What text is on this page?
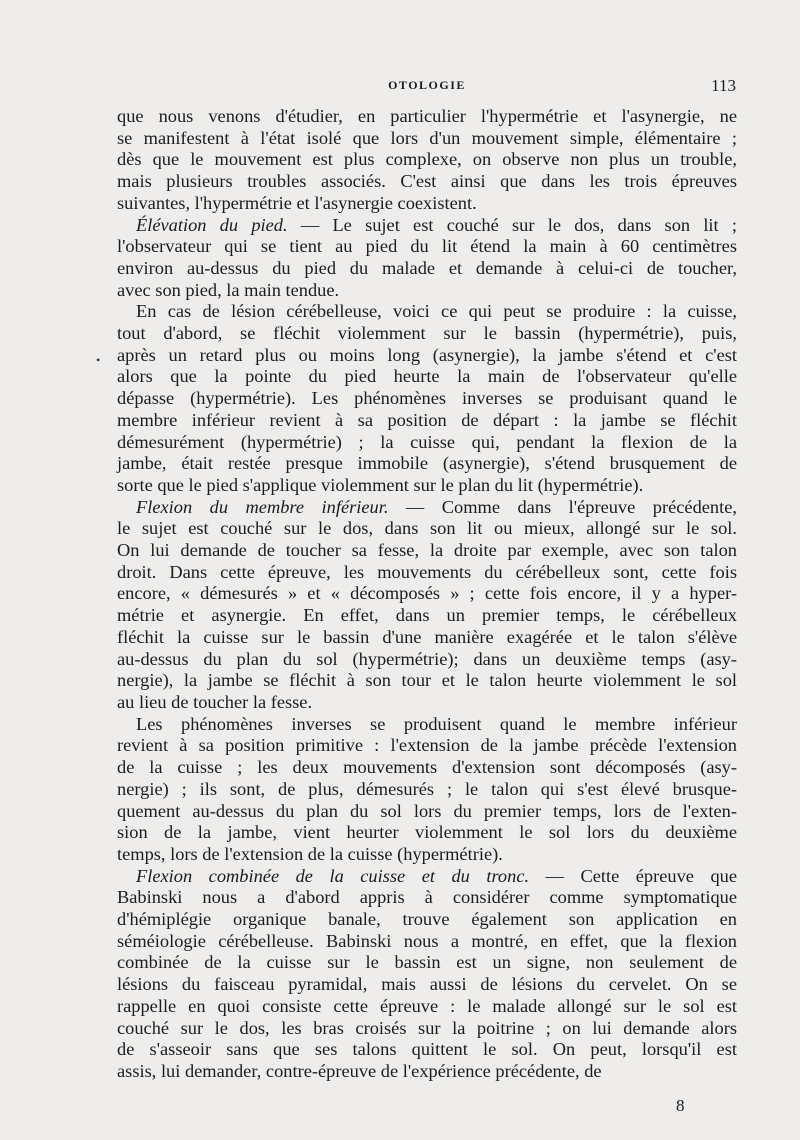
OTOLOGIE	113
•

que nous venons d'étudier, en particulier l'hypermétrie et l'asynergie, ne

se manifestent à l'état isolé que lors d'un mouvement simple, élémentaire ;

dès que le mouvement est plus complexe, on observe non plus un trouble,

mais plusieurs troubles associés. C'est ainsi que dans les trois épreuves

suivantes, l'hypermétrie et l'asynergie coexistent.

Élévation du pied. — Le sujet est couché sur le dos, dans son lit ;

l'observateur qui se tient au pied du lit étend la main à 60 centimètres

environ au-dessus du pied du malade et demande à celui-ci de toucher,

avec son pied, la main tendue.

En cas de lésion cérébelleuse, voici ce qui peut se produire : la cuisse,

tout d'abord, se fléchit violemment sur le bassin (hypermétrie), puis,

après un retard plus ou moins long (asynergie), la jambe s'étend et c'est

alors que la pointe du pied heurte la main de l'observateur qu'elle

dépasse (hypermétrie). Les phénomènes inverses se produisant quand le

membre inférieur revient à sa position de départ : la jambe se fléchit

démesurément (hypermétrie) ; la cuisse qui, pendant la flexion de la

jambe, était restée presque immobile (asynergie), s'étend brusquement de

sorte que le pied s'applique violemment sur le plan du lit (hypermétrie).

Flexion du membre inférieur. — Comme dans l'épreuve précédente,

le sujet est couché sur le dos, dans son lit ou mieux, allongé sur le sol.

On lui demande de toucher sa fesse, la droite par exemple, avec son talon

droit. Dans cette épreuve, les mouvements du cérébelleux sont, cette fois

encore, « démesurés » et « décomposés » ; cette fois encore, il y a hyper-

métrie et asynergie. En effet, dans un premier temps, le cérébelleux

fléchit la cuisse sur le bassin d'une manière exagérée et le talon s'élève

au-dessus du plan du sol (hypermétrie); dans un deuxième temps (asy-

nergie), la jambe se fléchit à son tour et le talon heurte violemment le sol

au lieu de toucher la fesse.

Les phénomènes inverses se produisent quand le membre inférieur

revient à sa position primitive : l'extension de la jambe précède l'extension

de la cuisse ; les deux mouvements d'extension sont décomposés (asy-

nergie) ; ils sont, de plus, démesurés ; le talon qui s'est élevé brusque-

quement au-dessus du plan du sol lors du premier temps, lors de l'exten-

sion de la jambe, vient heurter violemment le sol lors du deuxième

temps, lors de l'extension de la cuisse (hypermétrie).

Flexion combinée de la cuisse et du tronc. — Cette épreuve que

Babinski nous a d'abord appris à considérer comme symptomatique

d'hémiplégie organique banale, trouve également son application en

séméiologie cérébelleuse. Babinski nous a montré, en effet, que la flexion

combinée de la cuisse sur le bassin est un signe, non seulement de

lésions du faisceau pyramidal, mais aussi de lésions du cervelet. On se

rappelle en quoi consiste cette épreuve : le malade allongé sur le sol est

couché sur le dos, les bras croisés sur la poitrine ; on lui demande alors

de s'asseoir sans que ses talons quittent le sol. On peut, lorsqu'il est

assis, lui demander, contre-épreuve de l'expérience précédente, de

8
